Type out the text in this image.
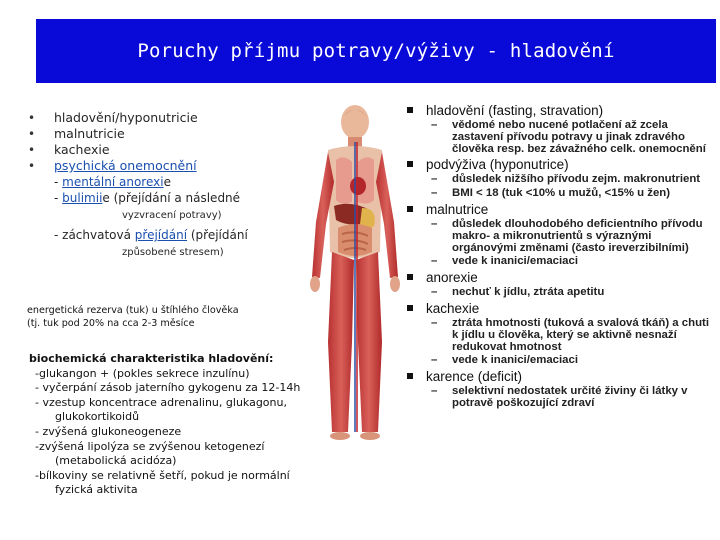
Poruchy příjmu potravy/výživy - hladovění
• hladovění/hyponutricie
• malnutricie
• kachexie
• psychická onemocnění
- mentální anorexie
- bulimiie (přejídání a následné
vyzvracení potravy)
- záchvatová přejídání (přejídání
způsobené stresem)
energetická rezerva (tuk) u štíhlého člověka
(tj. tuk pod 20% na cca 2-3 měsíce
biochemická charakteristika hladovění:
-glukangon + (pokles sekrece inzulínu)
- vyčerpání zásob jaterního gykogenu za 12-14h
- vzestup koncentrace adrenalinu, glukagonu,
glukokortikoidů
- zvýšená glukoneogeneze
-zvýšená lipolýza se zvýšenou ketogenezí
(metabolická acidóza)
-bílkoviny se relativně šetří, pokud je normální
fyzická aktivita
hladovění (fasting, stravation)
– vědomé nebo nucené potlačení až zcela zastavení přívodu potravy u jinak zdravého člověka resp. bez závažného celk. onemocnění
podvýživa (hyponutrice)
– důsledek nižšího přívodu zejm. makronutrient
– BMI < 18 (tuk <10% u mužů, <15% u žen)
malnutrice
– důsledek dlouhodobého deficientního přívodu makro- a mikronutrientů s výraznými orgánovými změnami (často ireverzibilními)
– vede k inanici/emaciaci
anorexie
– nechuť k jídlu, ztráta apetitu
kachexie
– ztráta hmotnosti (tuková a svalová tkáň) a chuti k jídlu u člověka, který se aktivně nesnaží redukovat hmotnost
– vede k inanici/emaciaci
karence (deficit)
– selektivní nedostatek určité živiny či látky v potravě poškozující zdraví
